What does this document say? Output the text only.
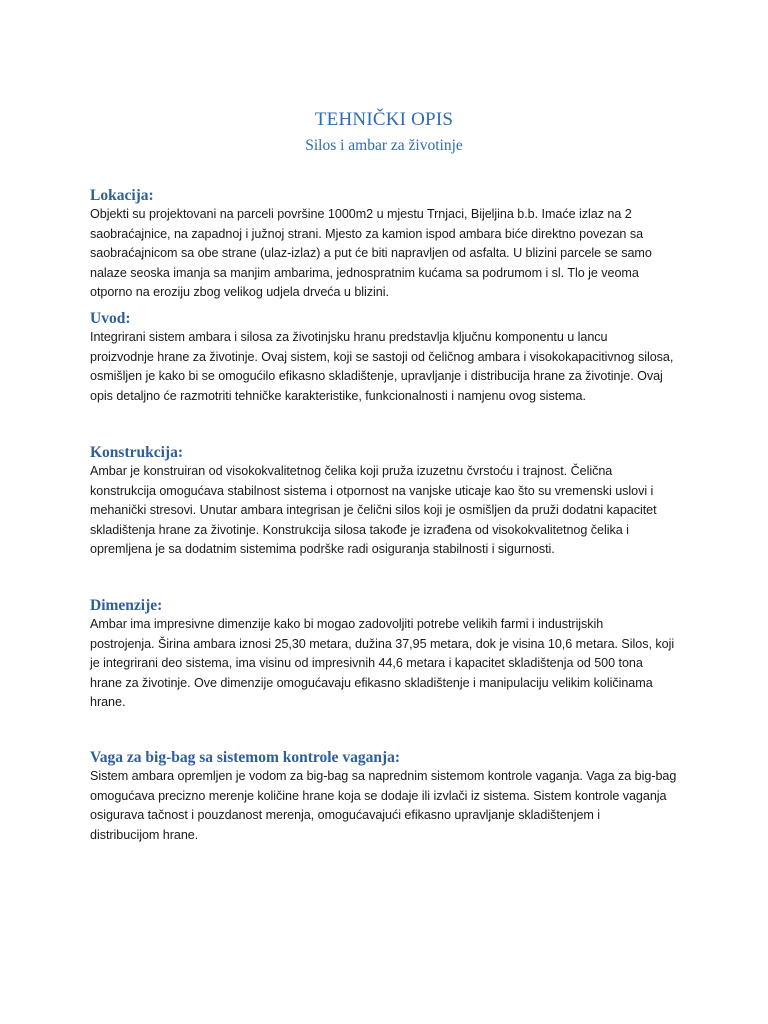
TEHNIČKI OPIS
Silos i ambar za životinje
Lokacija:

Objekti su projektovani na parceli površine 1000m2 u mjestu Trnjaci, Bijeljina b.b. Imaće izlaz na 2
saobraćajnice, na zapadnoj i južnoj strani. Mjesto za kamion ispod ambara biće direktno povezan sa
saobraćajnicom sa obe strane (ulaz-izlaz) a put će biti napravljen od asfalta. U blizini parcele se samo
nalaze seoska imanja sa manjim ambarima, jednospratnim kućama sa podrumom i sl. Tlo je veoma
otporno na eroziju zbog velikog udjela drveća u blizini.

Uvod:

Integrirani sistem ambara i silosa za životinjsku hranu predstavlja ključnu komponentu u lancu
proizvodnje hrane za životinje. Ovaj sistem, koji se sastoji od čeličnog ambara i visokokapacitivnog silosa,
osmišljen je kako bi se omogućilo efikasno skladištenje, upravljanje i distribucija hrane za životinje. Ovaj
opis detaljno će razmotriti tehničke karakteristike, funkcionalnosti i namjenu ovog sistema.

Konstrukcija:

Ambar je konstruiran od visokokvalitetnog čelika koji pruža izuzetnu čvrstoću i trajnost. Čelična
konstrukcija omogućava stabilnost sistema i otpornost na vanjske uticaje kao što su vremenski uslovi i
mehanički stresovi. Unutar ambara integrisan je čelični silos koji je osmišljen da pruži dodatni kapacitet
skladištenja hrane za životinje. Konstrukcija silosa takođe je izrađena od visokokvalitetnog čelika i
opremljena je sa dodatnim sistemima podrške radi osiguranja stabilnosti i sigurnosti.

Dimenzije:

Ambar ima impresivne dimenzije kako bi mogao zadovoljiti potrebe velikih farmi i industrijskih
postrojenja. Širina ambara iznosi 25,30 metara, dužina 37,95 metara, dok je visina 10,6 metara. Silos, koji
je integrirani deo sistema, ima visinu od impresivnih 44,6 metara i kapacitet skladištenja od 500 tona
hrane za životinje. Ove dimenzije omogućavaju efikasno skladištenje i manipulaciju velikim količinama
hrane.

Vaga za big-bag sa sistemom kontrole vaganja:

Sistem ambara opremljen je vodom za big-bag sa naprednim sistemom kontrole vaganja. Vaga za big-bag
omogućava precizno merenje količine hrane koja se dodaje ili izvlači iz sistema. Sistem kontrole vaganja
osigurava tačnost i pouzdanost merenja, omogućavajući efikasno upravljanje skladištenjem i
distribucijom hrane.
